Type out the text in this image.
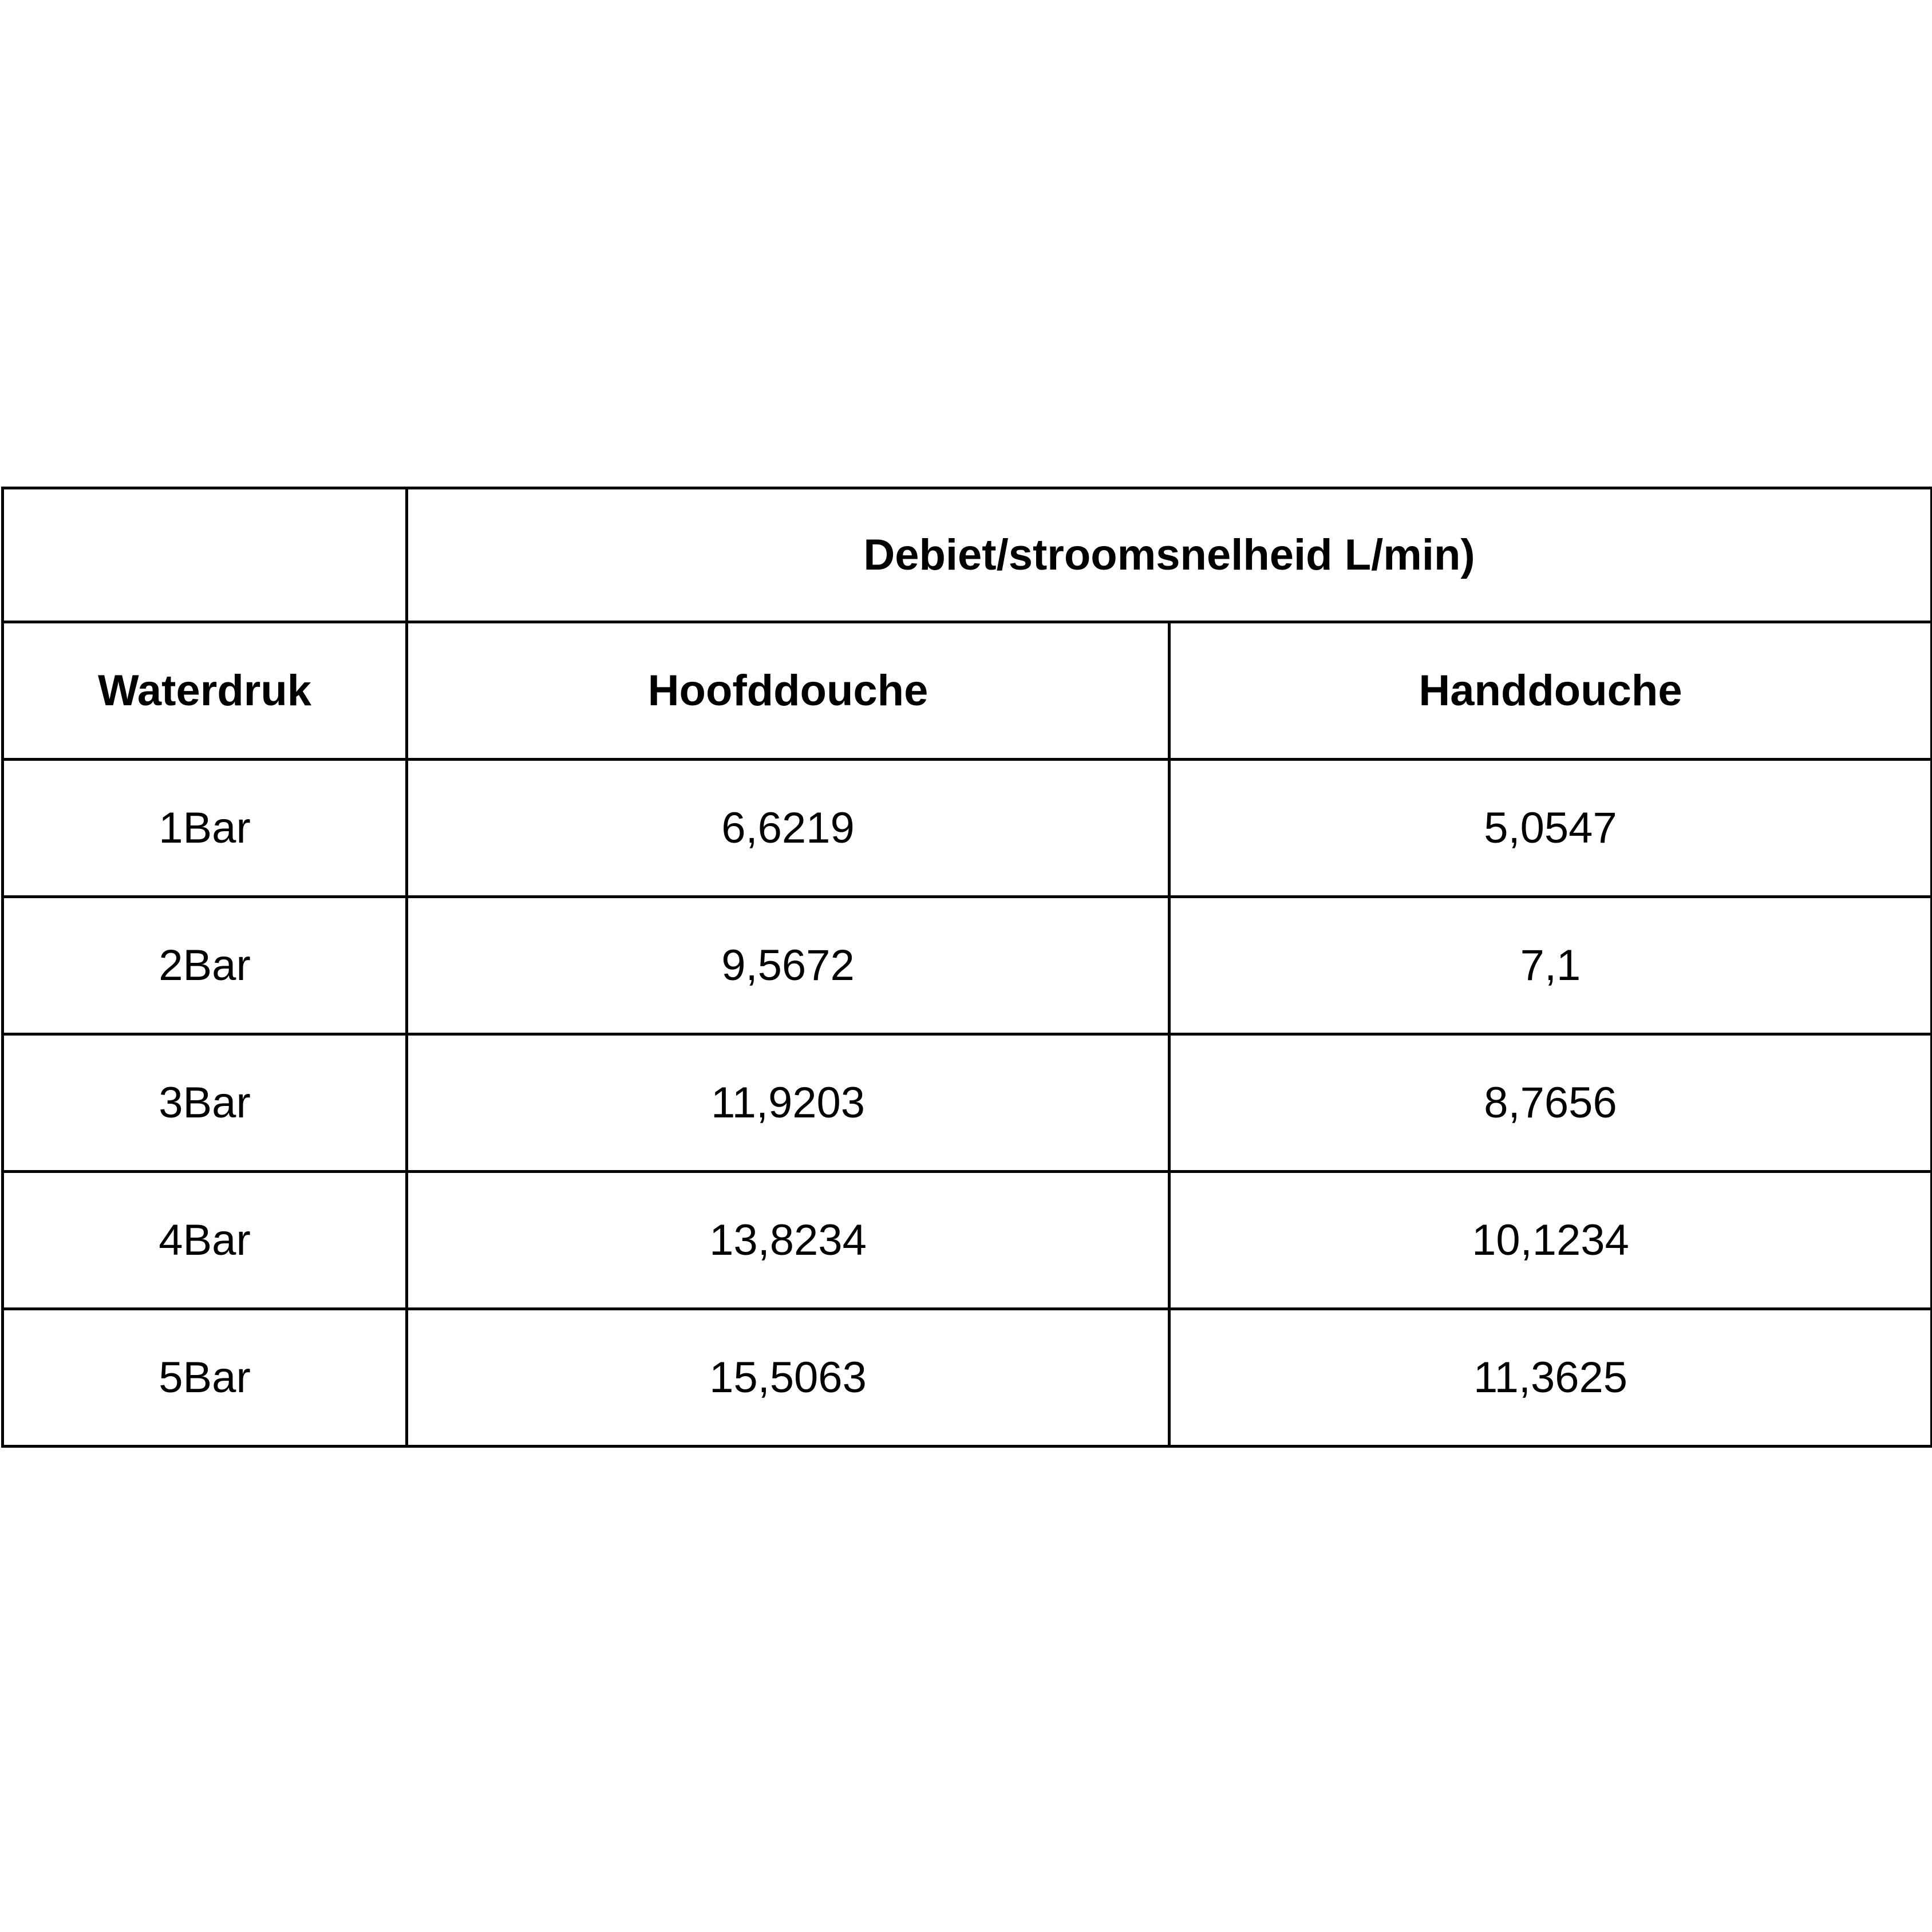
	Debiet/stroomsnelheid L/min)	
Waterdruk	Hoofddouche	Handdouche
1Bar	6,6219	5,0547
2Bar	9,5672	7,1
3Bar	11,9203	8,7656
4Bar	13,8234	10,1234
5Bar	15,5063	11,3625
